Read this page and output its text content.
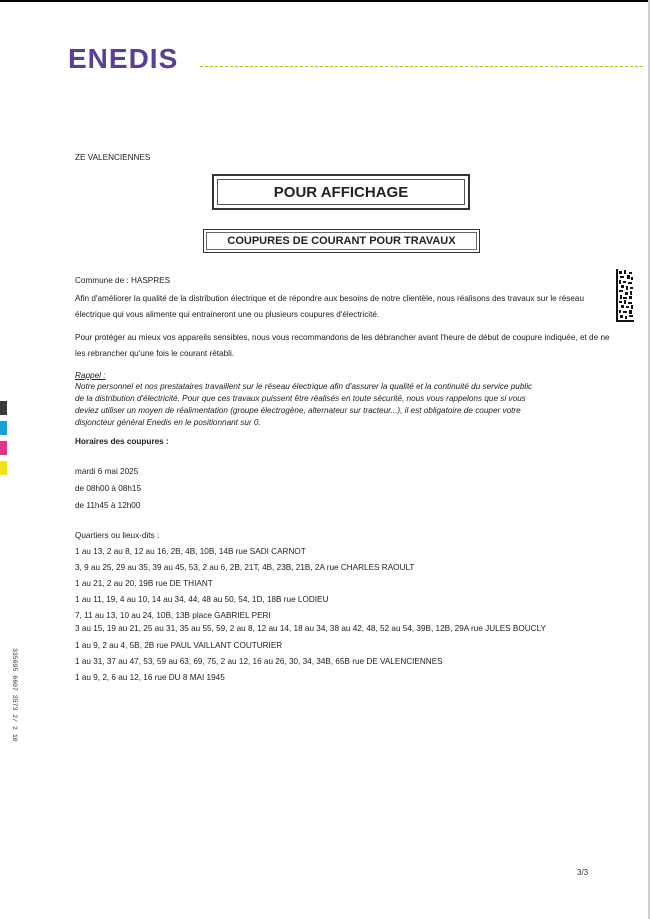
ENEDIS
ZE VALENCIENNES
POUR AFFICHAGE
COUPURES DE COURANT POUR TRAVAUX
Commune de : HASPRES
Afin d'améliorer la qualité de la distribution électrique et de répondre aux besoins de notre clientèle, nous réalisons des travaux sur le réseau électrique qui vous alimente qui entraineront une ou plusieurs coupures d'électricité.
Pour protéger au mieux vos appareils sensibles, nous vous recommandons de les débrancher avant l'heure de début de coupure indiquée, et de ne les rebrancher qu'une fois le courant rétabli.
Rappel :
Notre personnel et nos prestataires travaillent sur le réseau électrique afin d'assurer la qualité et la continuité du service public
de la distribution d'électricité. Pour que ces travaux puissent être réalisés en toute sécurité, nous vous rappelons que si vous
deviez utiliser un moyen de réalimentation (groupe électrogène, alternateur sur tracteur...), il est obligatoire de couper votre
disjoncteur général Enedis en le positionnant sur 0.
Horaires des coupures :
mardi 6 mai 2025
de 08h00 à 08h15
de 11h45 à 12h00
Quartiers ou lieux-dits :
1 au 13, 2 au 8, 12 au 16, 2B, 4B, 10B, 14B rue SADI CARNOT
3, 9 au 25, 29 au 35, 39 au 45, 53, 2 au 6, 2B, 21T, 4B, 23B, 21B, 2A rue CHARLES RAOULT
1 au 21, 2 au 20, 19B rue DE THIANT
1 au 11, 19, 4 au 10, 14 au 34, 44, 48 au 50, 54, 1D, 18B rue LODIEU
7, 11 au 13, 10 au 24, 10B, 13B place GABRIEL PERI
3 au 15, 19 au 21, 25 au 31, 35 au 55, 59, 2 au 8, 12 au 14, 18 au 34, 38 au 42, 48, 52 au 54, 39B, 12B, 29A rue JULES BOUCLY
1 au 9, 2 au 4, 5B, 2B rue PAUL VAILLANT COUTURIER
1 au 31, 37 au 47, 53, 59 au 63, 69, 75, 2 au 12, 16 au 26, 30, 34, 34B, 65B rue DE VALENCIENNES
1 au 9, 2, 6 au 12, 16 rue DU 8 MAI 1945
335095 6607 3573 2/ 2 10
3/3
